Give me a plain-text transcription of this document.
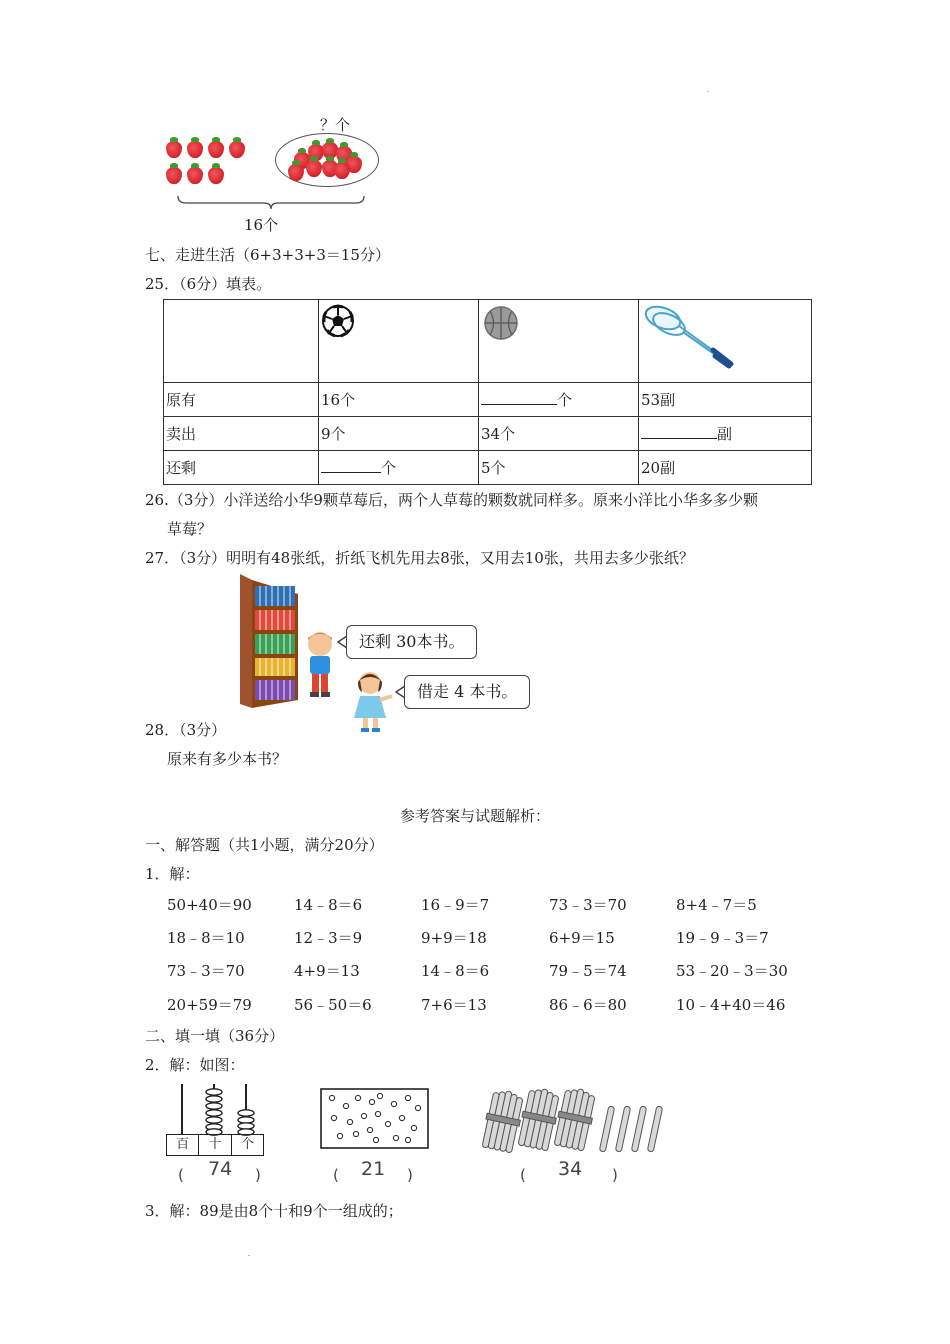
﹒
﹒
？个
16个
七、走进生活（6+3+3+3＝15分）
25．（6分）填表。

原有	16个	个	53副
卖出	9个	34个	副
还剩	个	5个	20副
26.（3分）小洋送给小华9颗草莓后，两个人草莓的颗数就同样多。原来小洋比小华多多少颗
草莓？
27．（3分）明明有48张纸，折纸飞机先用去8张，又用去10张，共用去多少张纸？
还剩 30本书。
借走 4 本书。
28．（3分）
原来有多少本书？
参考答案与试题解析：
一、解答题（共1小题，满分20分）
1．解：
50+40＝90	14﹣8＝6	16﹣9＝7	73﹣3＝70	8+4﹣7＝5
18﹣8＝10	12﹣3＝9	9+9＝18	6+9＝15	19﹣9﹣3＝7
73﹣3＝70	4+9＝13	14﹣8＝6	79﹣5＝74	53﹣20﹣3＝30
20+59＝79	56﹣50＝6	7+6＝13	86﹣6＝80	10﹣4+40＝46
二、填一填（36分）
2．解：如图：
百	十	个
( 74 )	( 21 )	( 34 )
3．解：89是由8个十和9个一组成的；
